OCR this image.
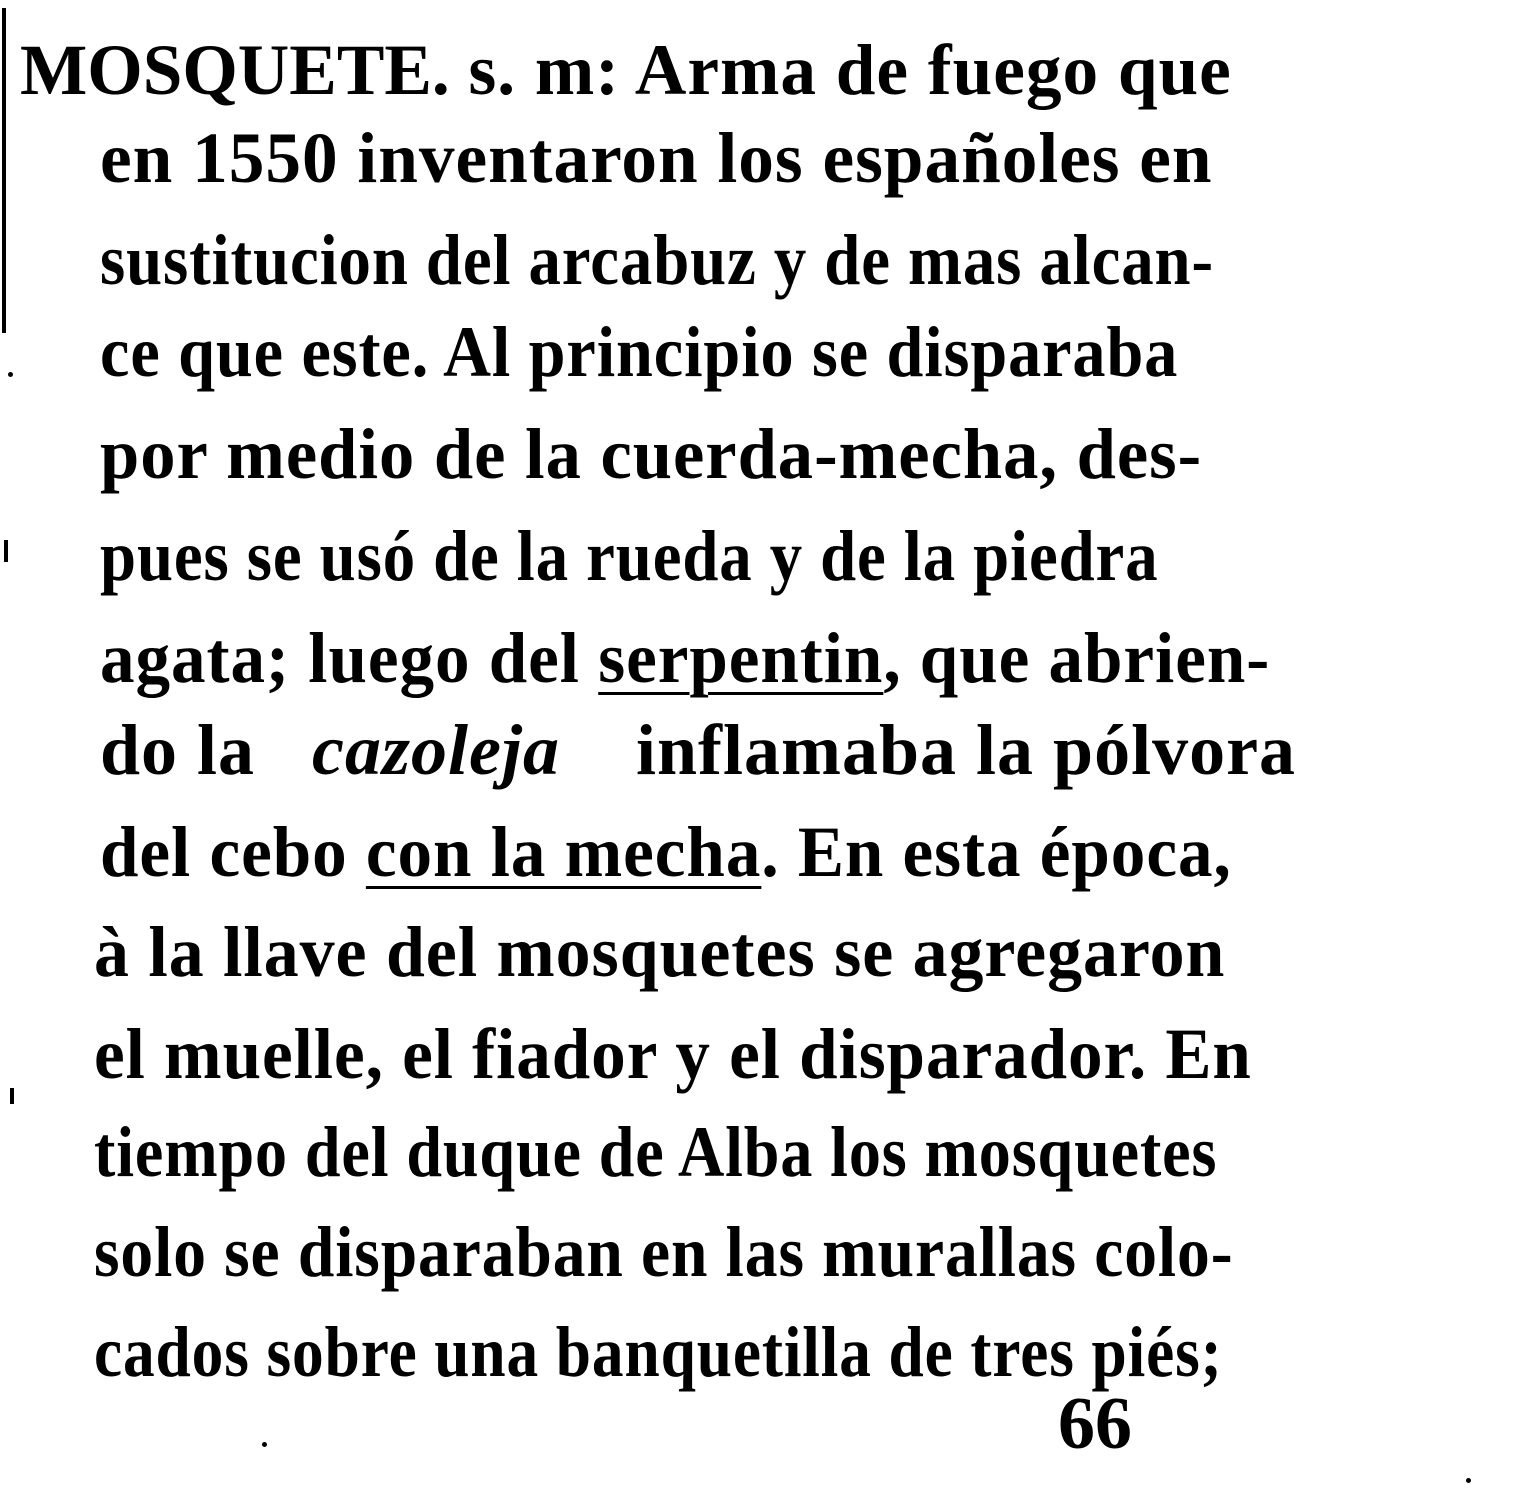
MOSQUETE. s. m: Arma de fuego que
en 1550 inventaron los españoles en
sustitucion del arcabuz y de mas alcan-
ce que este. Al principio se disparaba
por medio de la cuerda-mecha, des-
pues se usó de la rueda y de la piedra
agata; luego del serpentin, que abrien-
do la cazoleja inflamaba la pólvora
del cebo con la mecha. En esta época,
à la llave del mosquetes se agregaron
el muelle, el fiador y el disparador. En
tiempo del duque de Alba los mosquetes
solo se disparaban en las murallas colo-
cados sobre una banquetilla de tres piés;
66
